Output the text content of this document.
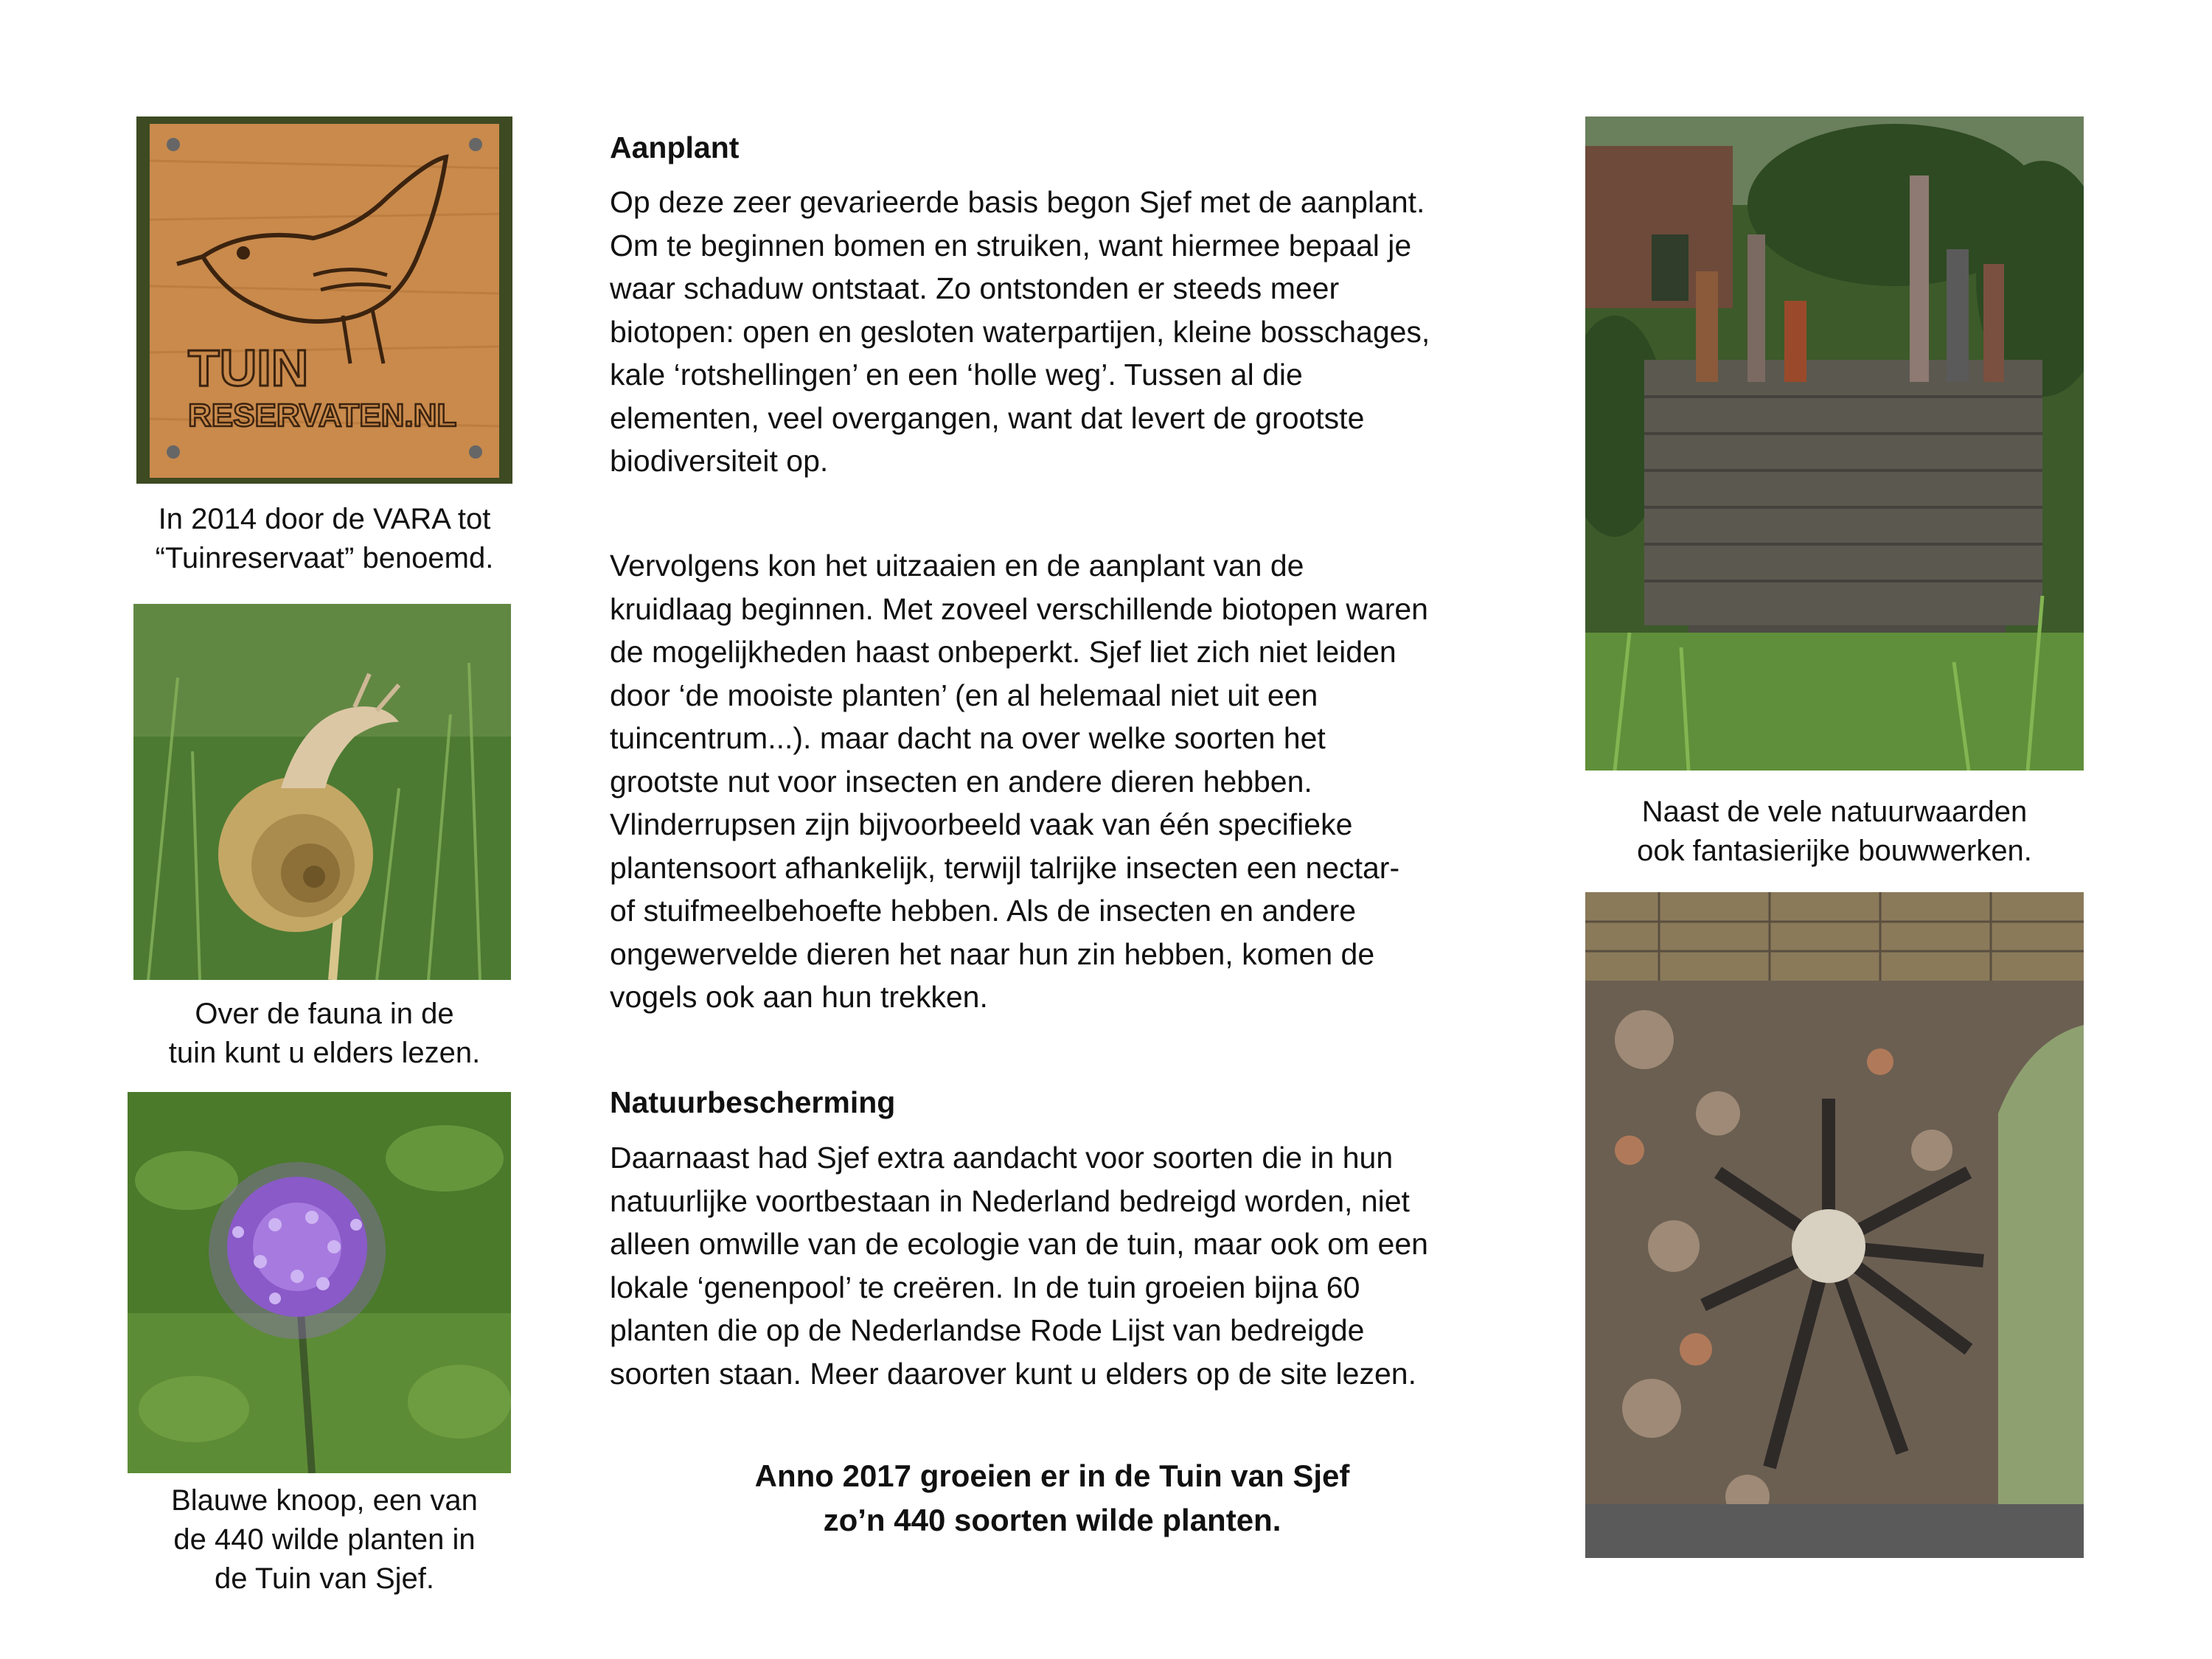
TUIN
RESERVATEN.NL
In 2014 door de VARA tot
“Tuinreservaat” benoemd.
Over de fauna in de
tuin kunt u elders lezen.
Blauwe knoop, een van
de 440 wilde planten in
de Tuin van Sjef.
Aanplant
Op deze zeer gevarieerde basis begon Sjef met de aanplant.
Om te beginnen bomen en struiken, want hiermee bepaal je
waar schaduw ontstaat. Zo ontstonden er steeds meer
biotopen: open en gesloten waterpartijen, kleine bosschages,
kale ‘rotshellingen’ en een ‘holle weg’. Tussen al die
elementen, veel overgangen, want dat levert de grootste
biodiversiteit op.
Vervolgens kon het uitzaaien en de aanplant van de
kruidlaag beginnen. Met zoveel verschillende biotopen waren
de mogelijkheden haast onbeperkt. Sjef liet zich niet leiden
door ‘de mooiste planten’ (en al helemaal niet uit een
tuincentrum...). maar dacht na over welke soorten het
grootste nut voor insecten en andere dieren hebben.
Vlinderrupsen zijn bijvoorbeeld vaak van één specifieke
plantensoort afhankelijk, terwijl talrijke insecten een nectar-
of stuifmeelbehoefte hebben. Als de insecten en andere
ongewervelde dieren het naar hun zin hebben, komen de
vogels ook aan hun trekken.
Natuurbescherming
Daarnaast had Sjef extra aandacht voor soorten die in hun
natuurlijke voortbestaan in Nederland bedreigd worden, niet
alleen omwille van de ecologie van de tuin, maar ook om een
lokale ‘genenpool’ te creëren. In de tuin groeien bijna 60
planten die op de Nederlandse Rode Lijst van bedreigde
soorten staan. Meer daarover kunt u elders op de site lezen.
Anno 2017 groeien er in de Tuin van Sjef
zo’n 440 soorten wilde planten.
Naast de vele natuurwaarden
ook fantasierijke bouwwerken.
